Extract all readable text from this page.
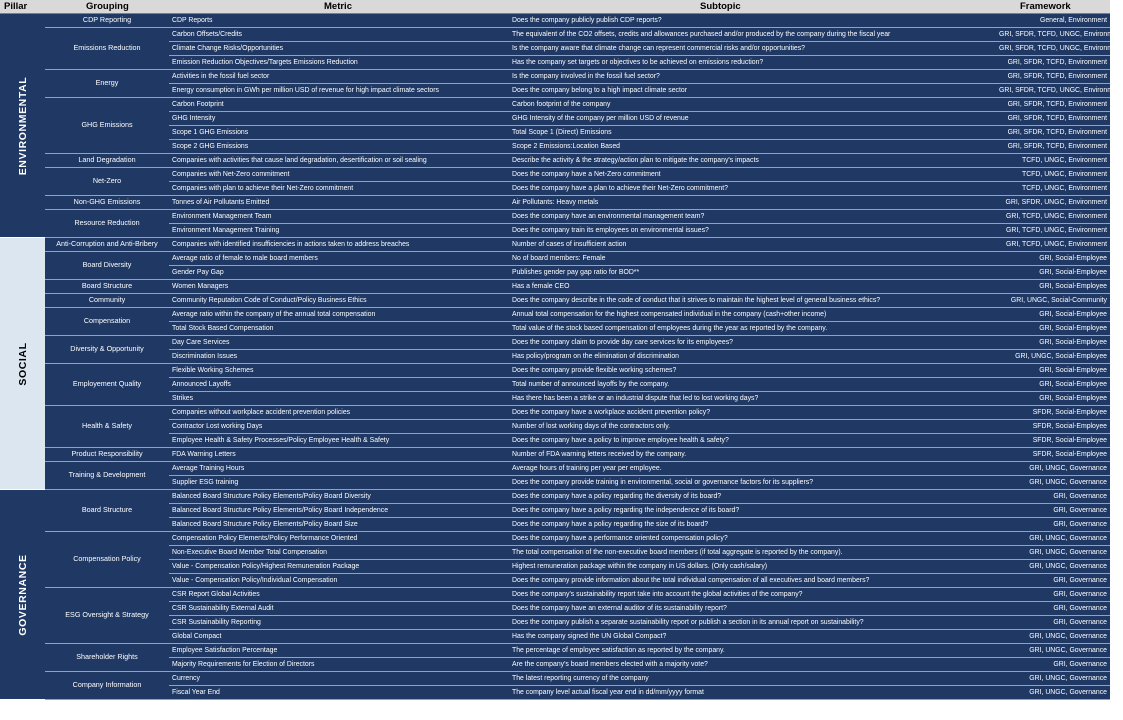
Pillar	Grouping	Metric	Subtopic	Framework
ENVIRONMENTAL
CDP Reporting	CDP Reports	Does the company publicly publish CDP reports?	General, Environment
Emissions Reduction
Carbon Offsets/Credits	The equivalent of the CO2 offsets, credits and allowances purchased and/or produced by the company during the fiscal year	GRI, SFDR, TCFD, UNGC, Environment
Climate Change Risks/Opportunities	Is the company aware that climate change can represent commercial risks and/or opportunities?	GRI, SFDR, TCFD, UNGC, Environment
Emission Reduction Objectives/Targets Emissions Reduction	Has the company set targets or objectives to be achieved on emissions reduction?	GRI, SFDR, TCFD, Environment
Energy
Activities in the fossil fuel sector	Is the company involved in the fossil fuel sector?	GRI, SFDR, TCFD, Environment
Energy consumption in GWh per million USD of revenue for high impact climate sectors	Does the company belong to a high impact climate sector	GRI, SFDR, TCFD, UNGC, Environment
GHG Emissions
Carbon Footprint	Carbon footprint of the company	GRI, SFDR, TCFD, Environment
GHG Intensity	GHG Intensity of the company per million USD of revenue	GRI, SFDR, TCFD, Environment
Scope 1 GHG Emissions	Total Scope 1 (Direct) Emissions	GRI, SFDR, TCFD, Environment
Scope 2 GHG Emissions	Scope 2 Emissions:Location Based	GRI, SFDR, TCFD, Environment
Land Degradation	Companies with activities that cause land degradation, desertification or soil sealing	Describe the activity & the strategy/action plan to mitigate the company's impacts	TCFD, UNGC, Environment
Net-Zero
Companies with Net-Zero commitment	Does the company have a Net-Zero commitment	TCFD, UNGC, Environment
Companies with plan to achieve their Net-Zero commitment	Does the company have a plan to achieve their Net-Zero commitment?	TCFD, UNGC, Environment
Non-GHG Emissions	Tonnes of Air Pollutants Emitted	Air Pollutants: Heavy metals	GRI, SFDR, UNGC, Environment
Resource Reduction
Environment Management Team	Does the company have an environmental management team?	GRI, TCFD, UNGC, Environment
Environment Management Training	Does the company train its employees on environmental issues?	GRI, TCFD, UNGC, Environment
SOCIAL
Anti-Corruption and Anti-Bribery	Companies with identified insufficiencies in actions taken to address breaches	Number of cases of insufficient action	GRI, TCFD, UNGC, Environment
Board Diversity
Average ratio of female to male board members	No of board members: Female	GRI, Social-Employee
Gender Pay Gap	Publishes gender pay gap ratio for BOD**	GRI, Social-Employee
Board Structure	Women Managers	Has a female CEO	GRI, Social-Employee
Community	Community Reputation Code of Conduct/Policy Business Ethics	Does the company describe in the code of conduct that it strives to maintain the highest level of general business ethics?	GRI, UNGC, Social-Community
Compensation
Average ratio within the company of the annual total compensation	Annual total compensation for the highest compensated individual in the company (cash+other income)	GRI, Social-Employee
Total Stock Based Compensation	Total value of the stock based compensation of employees during the year as reported by the company.	GRI, Social-Employee
Diversity & Opportunity
Day Care Services	Does the company claim to provide day care services for its employees?	GRI, Social-Employee
Discrimination Issues	Has policy/program on the elimination of discrimination	GRI, UNGC, Social-Employee
Employement Quality
Flexible Working Schemes	Does the company provide flexible working schemes?	GRI, Social-Employee
Announced Layoffs	Total number of announced layoffs by the company.	GRI, Social-Employee
Strikes	Has there has been a strike or an industrial dispute that led to lost working days?	GRI, Social-Employee
Health & Safety
Companies without workplace accident prevention policies	Does the company have a workplace accident prevention policy?	SFDR, Social-Employee
Contractor Lost working Days	Number of lost working days of the contractors only.	SFDR, Social-Employee
Employee Health & Safety Processes/Policy Employee Health & Safety	Does the company have a policy to improve employee health & safety?	SFDR, Social-Employee
Product Responsibility	FDA Warning Letters	Number of FDA warning letters received by the company.	SFDR, Social-Employee
Training & Development
Average Training Hours	Average hours of training per year per employee.	GRI, UNGC, Governance
Supplier ESG training	Does the company provide training in environmental, social or governance factors for its suppliers?	GRI, UNGC, Governance
GOVERNANCE
Board Structure
Balanced Board Structure Policy Elements/Policy Board Diversity	Does the company have a policy regarding the diversity of its board?	GRI, Governance
Balanced Board Structure Policy Elements/Policy Board Independence	Does the company have a policy regarding the independence of its board?	GRI, Governance
Balanced Board Structure Policy Elements/Policy Board Size	Does the company have a policy regarding the size of its board?	GRI, Governance
Compensation Policy
Compensation Policy Elements/Policy Performance Oriented	Does the company have a performance oriented compensation policy?	GRI, UNGC, Governance
Non-Executive Board Member Total Compensation	The total compensation of the non-executive board members (if total aggregate is reported by the company).	GRI, UNGC, Governance
Value - Compensation Policy/Highest Remuneration Package	Highest remuneration package within the company in US dollars. (Only cash/salary)	GRI, UNGC, Governance
Value - Compensation Policy/Individual Compensation	Does the company provide information about the total individual compensation of all executives and board members?	GRI, Governance
ESG Oversight & Strategy
CSR Report Global Activities	Does the company's sustainability report take into account the global activities of the company?	GRI, Governance
CSR Sustainability External Audit	Does the company have an external auditor of its sustainability report?	GRI, Governance
CSR Sustainability Reporting	Does the company publish a separate sustainability report or publish a section in its annual report on sustainability?	GRI, Governance
Global Compact	Has the company signed the UN Global Compact?	GRI, UNGC, Governance
Shareholder Rights
Employee Satisfaction Percentage	The percentage of employee satisfaction as reported by the company.	GRI, UNGC, Governance
Majority Requirements for Election of Directors	Are the company's board members elected with a majority vote?	GRI, Governance
Company Information
Currency	The latest reporting currency of the company	GRI, UNGC, Governance
Fiscal Year End	The company level actual fiscal year end in dd/mm/yyyy format	GRI, UNGC, Governance
